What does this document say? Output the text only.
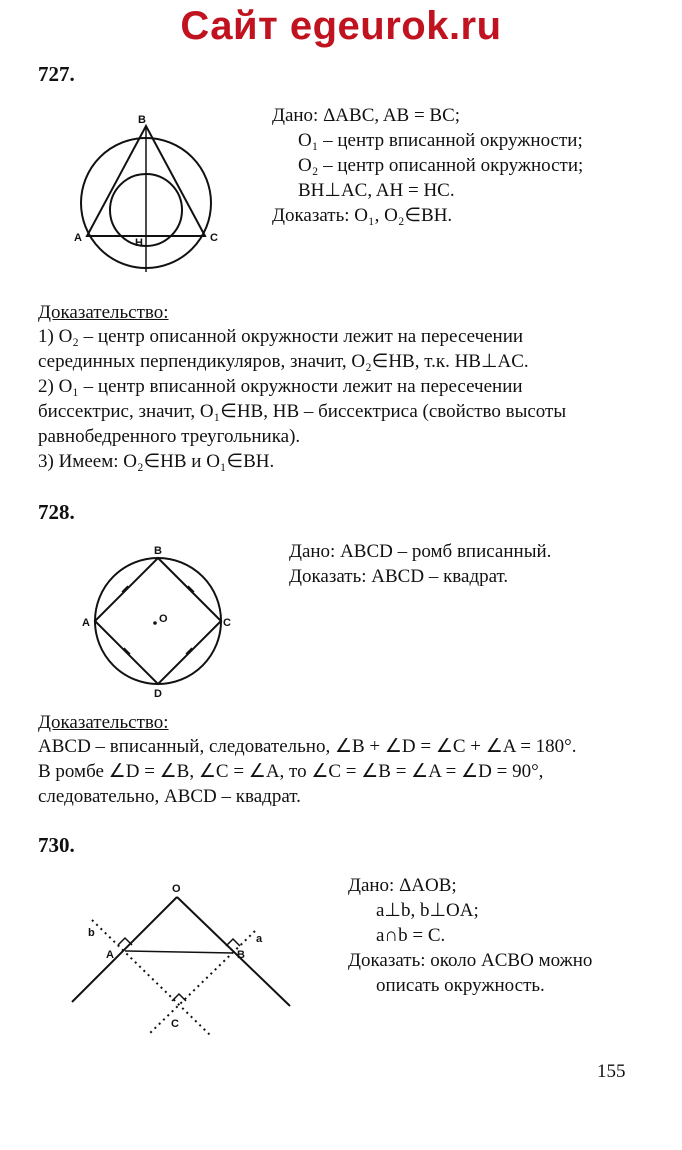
Сайт egeurok.ru
727.
B
A	C
H
Дано: ΔABC, AB = BC;
O₁ – центр вписанной окружности;
O₂ – центр описанной окружности;
BH⊥AC, AH = HC.
Доказать: O₁, O₂∈BH.
Доказательство:
1) O₂ – центр описанной окружности лежит на пересечении
серединных перпендикуляров, значит, O₂∈HB, т.к. HB⊥AC.
2) O₁ – центр вписанной окружности лежит на пересечении
биссектрис, значит, O₁∈HB, HB – биссектриса (свойство высоты
равнобедренного треугольника).
3) Имеем: O₂∈HB и O₁∈BH.
728.
B
A	C
D
O
Дано: ABCD – ромб вписанный.
Доказать: ABCD – квадрат.
Доказательство:
ABCD – вписанный, следовательно, ∠B + ∠D = ∠C + ∠A = 180°.
В ромбе ∠D = ∠B, ∠C = ∠A, то ∠C = ∠B = ∠A = ∠D = 90°,
следовательно, ABCD – квадрат.
730.
O
A	B
C
a
b
Дано: ΔAOB;
a⊥b, b⊥OA;
a∩b = C.
Доказать: около ACBO можно
описать окружность.
155
